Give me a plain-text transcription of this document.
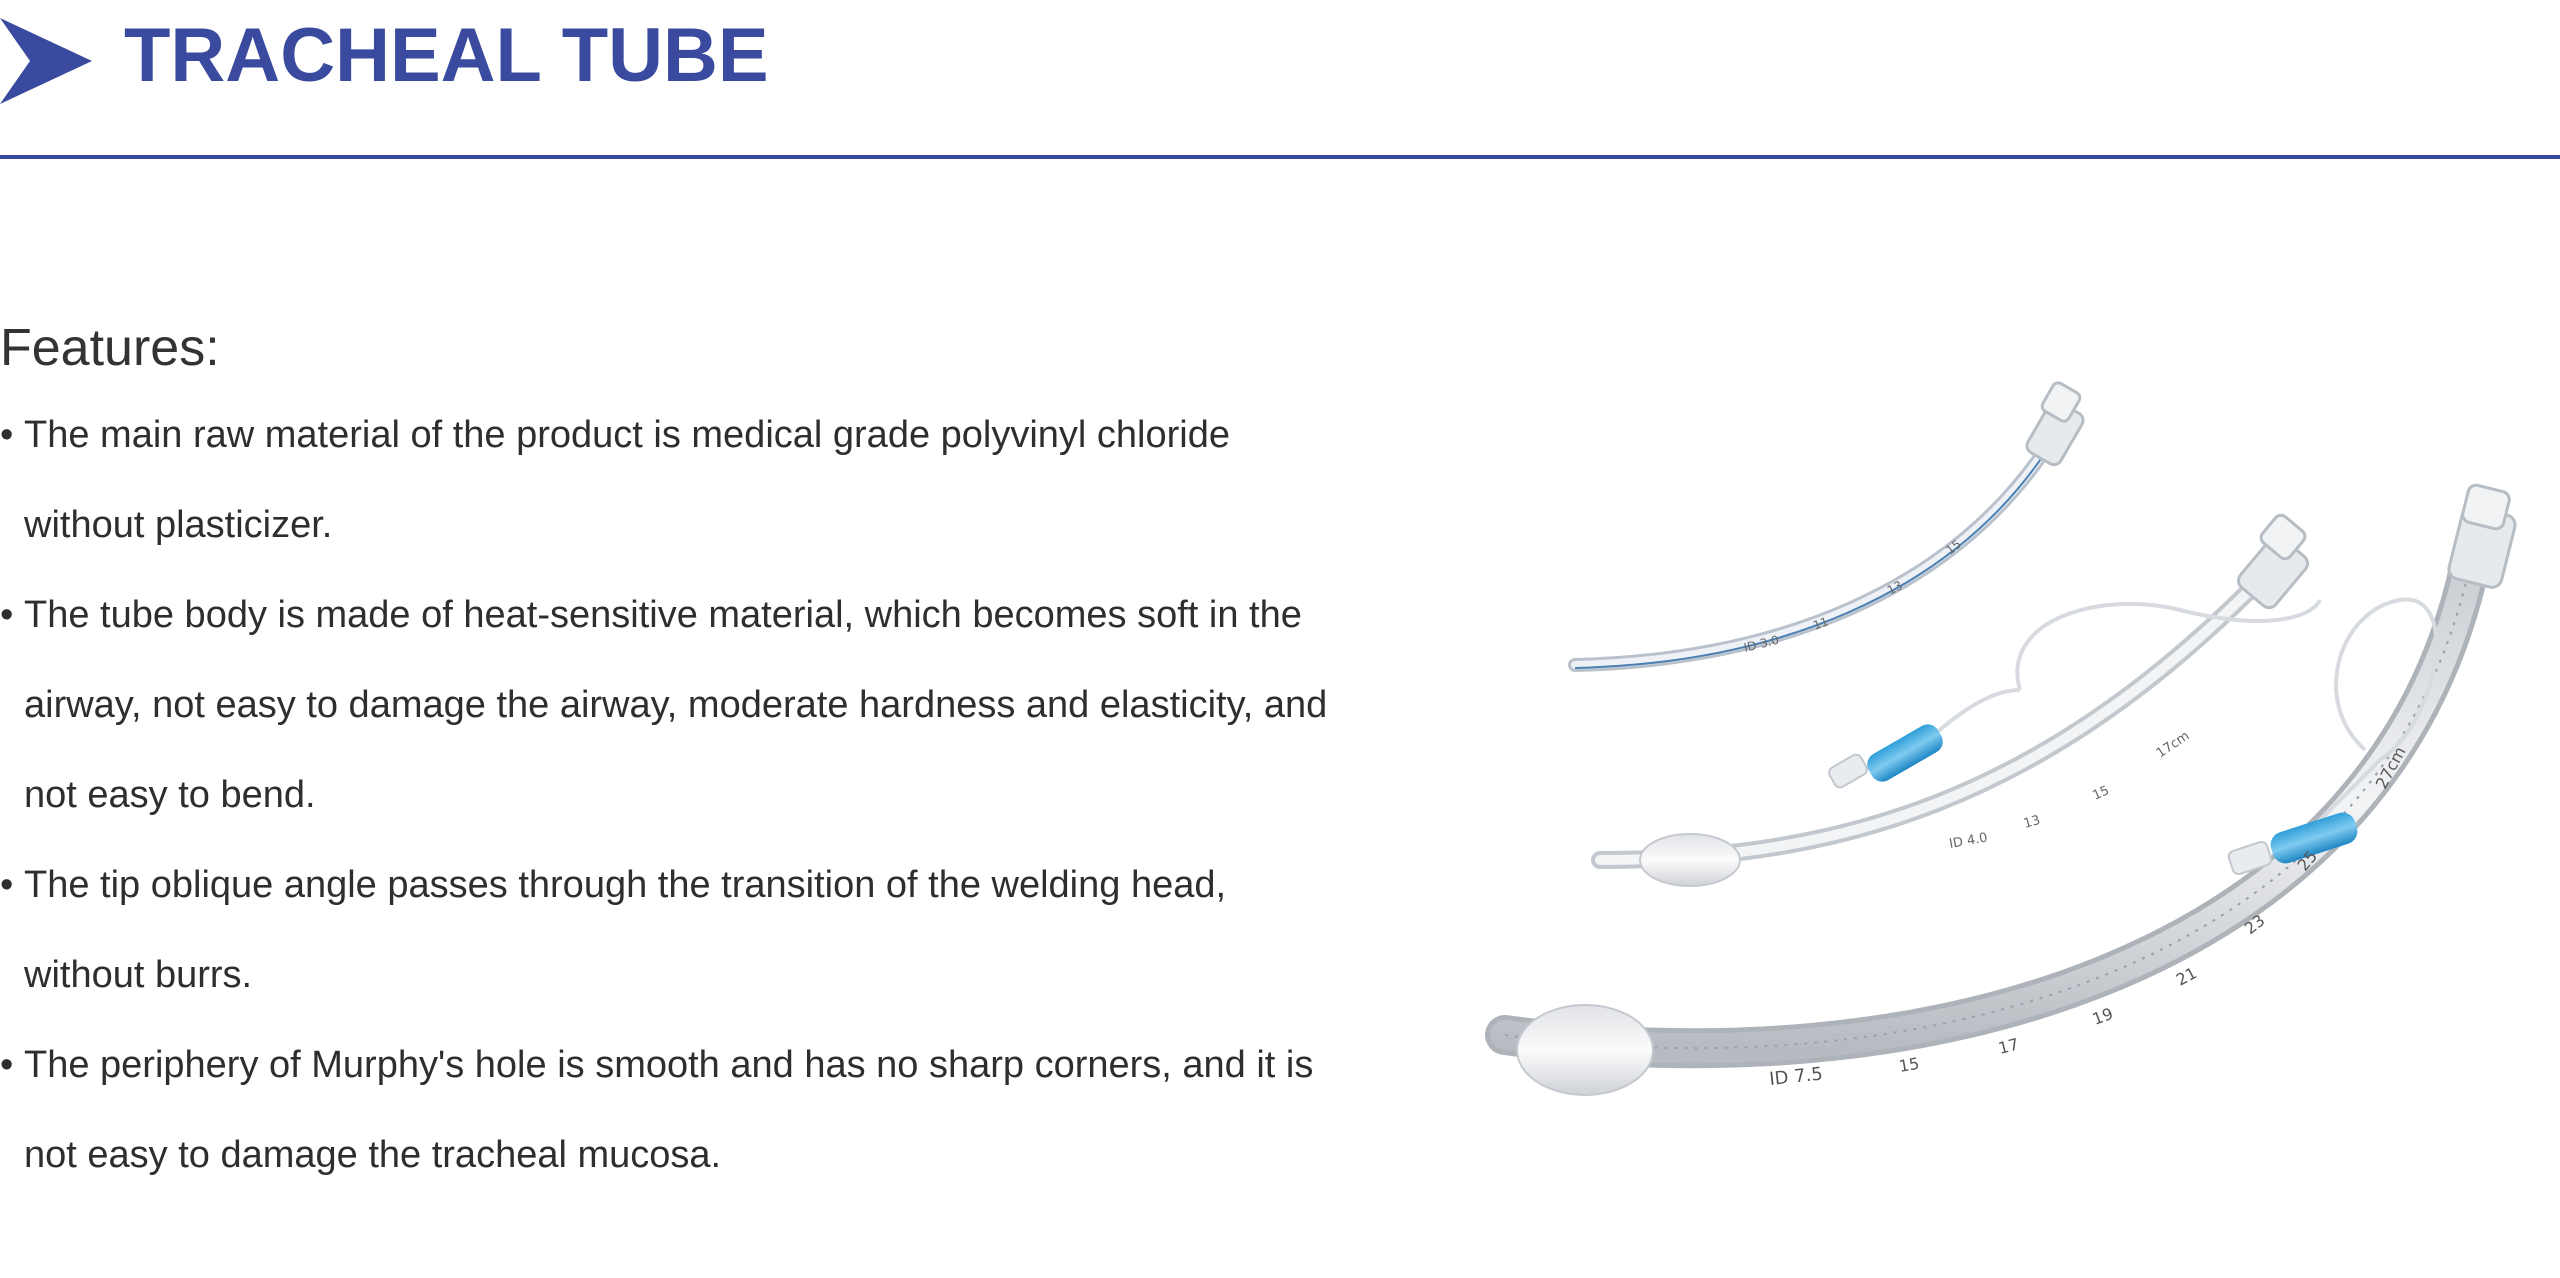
TRACHEAL TUBE
Features:
• The main raw material of the product is medical grade polyvinyl chloride
without plasticizer.
• The tube body is made of heat-sensitive material, which becomes soft in the
airway, not easy to damage the airway, moderate hardness and elasticity, and
not easy to bend.
• The tip oblique angle passes through the transition of the welding head,
without burrs.
• The periphery of Murphy's hole is smooth and has no sharp corners, and it is
not easy to damage the tracheal mucosa.
ID 3.0
11
13
15
ID 4.0
13
15
17cm
ID 7.5	15
17
19
21
23
25
27cm
